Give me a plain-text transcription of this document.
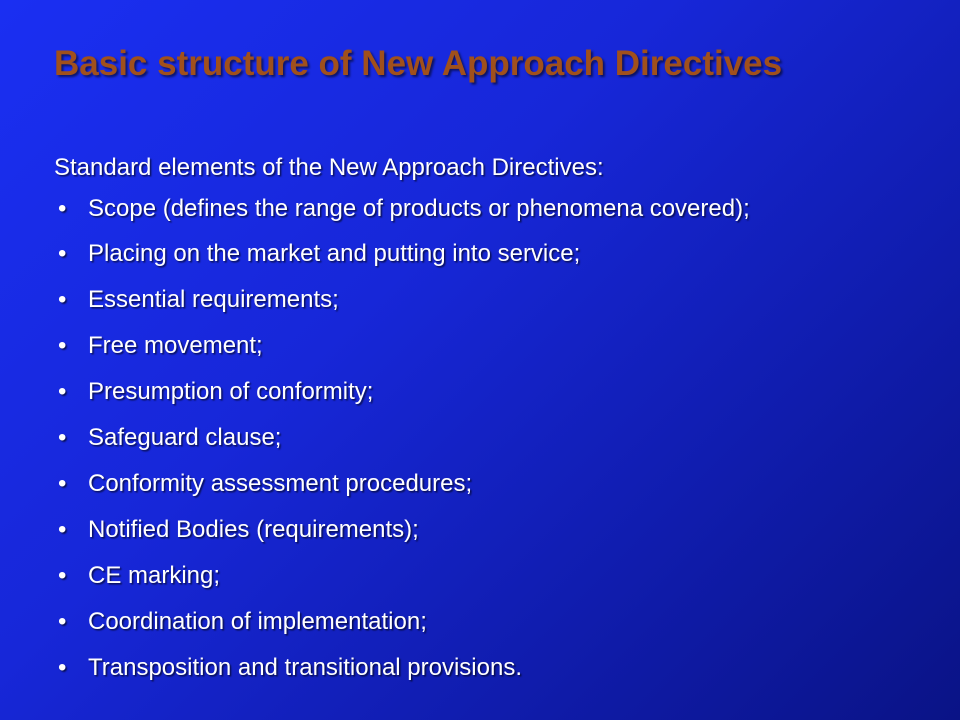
Basic structure of New Approach Directives

Standard elements of the New Approach Directives:

• Scope (defines the range of products or phenomena covered);
• Placing on the market and putting into service;
• Essential requirements;
• Free movement;
• Presumption of conformity;
• Safeguard clause;
• Conformity assessment procedures;
• Notified Bodies (requirements);
• CE marking;
• Coordination of implementation;
• Transposition and transitional provisions.
